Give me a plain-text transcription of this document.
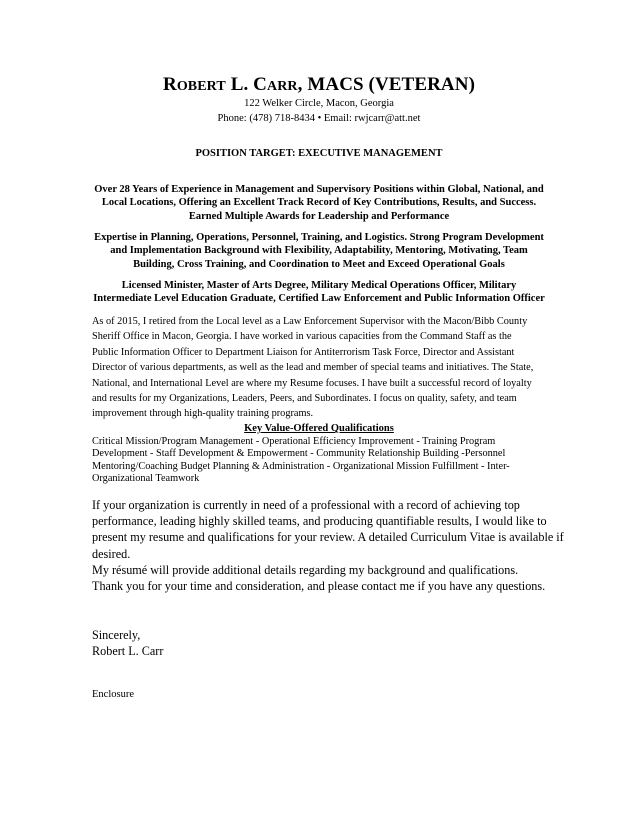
ROBERT L. CARR, MACS (VETERAN)
122 Welker Circle, Macon, Georgia
Phone: (478) 718-8434 • Email: rwjcarr@att.net
POSITION TARGET: EXECUTIVE MANAGEMENT
Over 28 Years of Experience in Management and Supervisory Positions within Global, National, and
Local Locations, Offering an Excellent Track Record of Key Contributions, Results, and Success.
Earned Multiple Awards for Leadership and Performance
Expertise in Planning, Operations, Personnel, Training, and Logistics. Strong Program Development
and Implementation Background with Flexibility, Adaptability, Mentoring, Motivating, Team
Building, Cross Training, and Coordination to Meet and Exceed Operational Goals
Licensed Minister, Master of Arts Degree, Military Medical Operations Officer, Military
Intermediate Level Education Graduate, Certified Law Enforcement and Public Information Officer
As of 2015, I retired from the Local level as a Law Enforcement Supervisor with the Macon/Bibb County
Sheriff Office in Macon, Georgia. I have worked in various capacities from the Command Staff as the
Public Information Officer to Department Liaison for Antiterrorism Task Force, Director and Assistant
Director of various departments, as well as the lead and member of special teams and initiatives. The State,
National, and International Level are where my Resume focuses. I have built a successful record of loyalty
and results for my Organizations, Leaders, Peers, and Subordinates. I focus on quality, safety, and team
improvement through high-quality training programs.
Key Value-Offered Qualifications
Critical Mission/Program Management - Operational Efficiency Improvement - Training Program
Development - Staff Development & Empowerment - Community Relationship Building -Personnel
Mentoring/Coaching Budget Planning & Administration - Organizational Mission Fulfillment - Inter-
Organizational Teamwork
If your organization is currently in need of a professional with a record of achieving top
performance, leading highly skilled teams, and producing quantifiable results, I would like to
present my resume and qualifications for your review. A detailed Curriculum Vitae is available if
desired.
My résumé will provide additional details regarding my background and qualifications.
Thank you for your time and consideration, and please contact me if you have any questions.
Sincerely,
Robert L. Carr
Enclosure
